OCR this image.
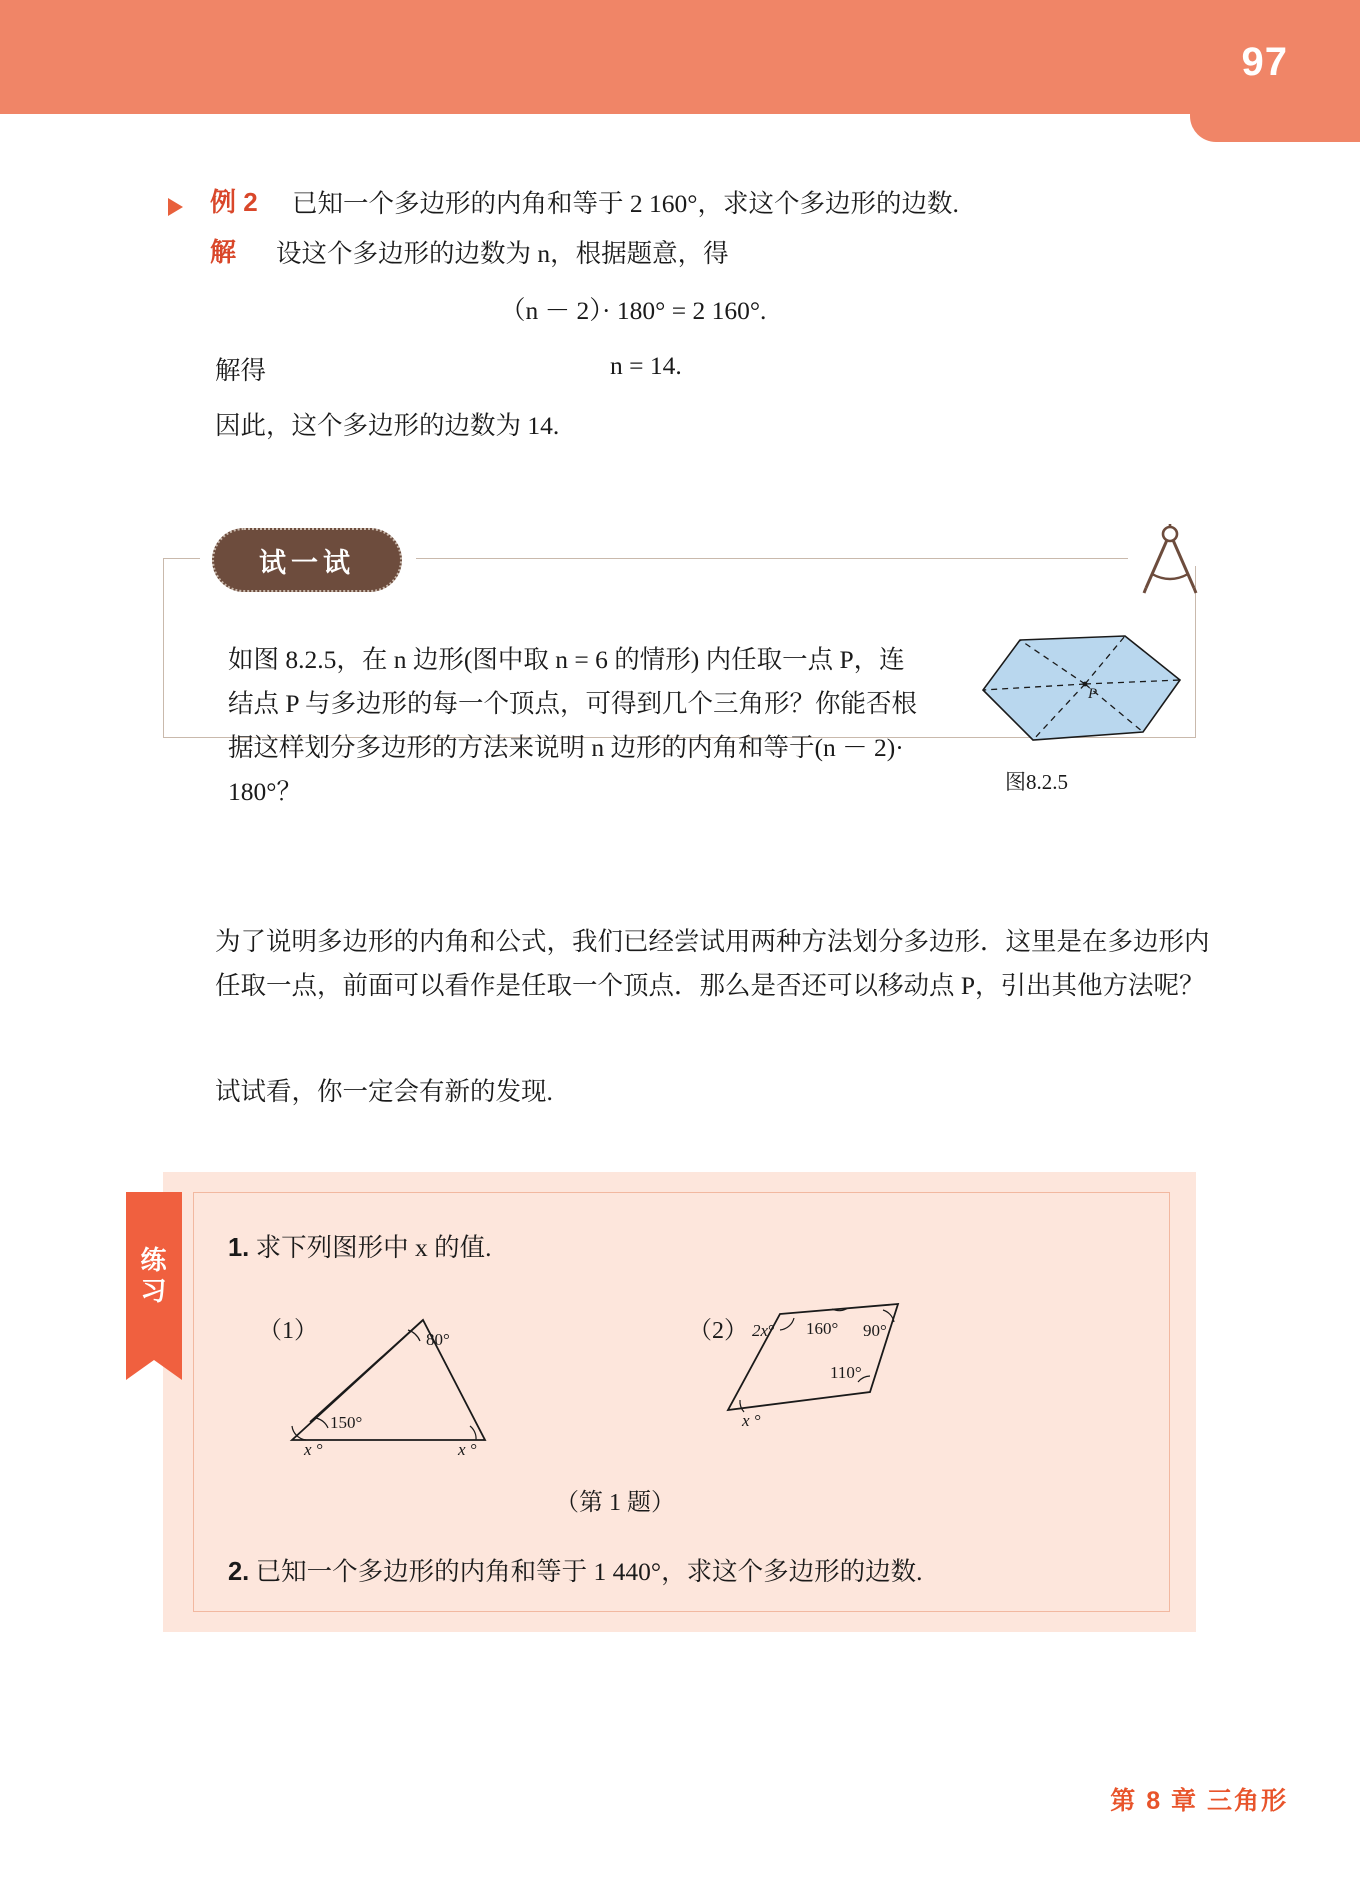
97
例 2 已知一个多边形的内角和等于 2 160°，求这个多边形的边数.
解 设这个多边形的边数为 n，根据题意，得
（n － 2）· 180° = 2 160°.
解得	n = 14.
因此，这个多边形的边数为 14.
试一试
如图 8.2.5，在 n 边形(图中取 n = 6 的情形) 内任取一点 P，连结点 P 与多边形的每一个顶点，可得到几个三角形？你能否根据这样划分多边形的方法来说明 n 边形的内角和等于(n － 2)· 180°？
P
图8.2.5
为了说明多边形的内角和公式，我们已经尝试用两种方法划分多边形．这里是在多边形内任取一点，前面可以看作是任取一个顶点．那么是否还可以移动点 P，引出其他方法呢？
试试看，你一定会有新的发现.
练
习
1. 求下列图形中 x 的值.
（1）	（2）
80°
150°
x °	x °
2x° 160° 90°
110°
x °
（第 1 题）
2. 已知一个多边形的内角和等于 1 440°，求这个多边形的边数.
第 8 章 三角形
